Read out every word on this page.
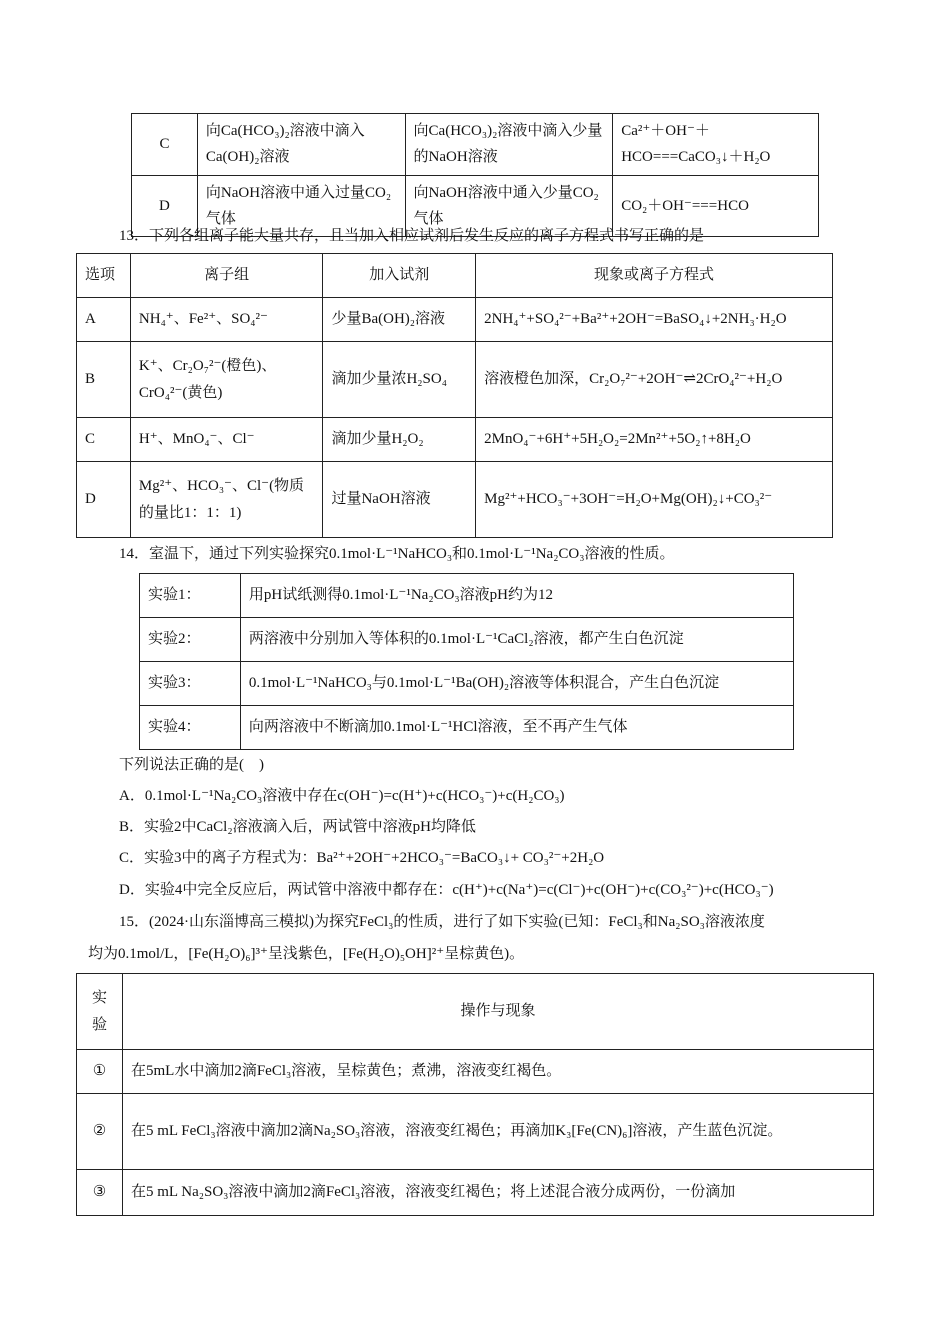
C	向Ca(HCO₃)₂溶液中滴入Ca(OH)₂溶液	向Ca(HCO₃)₂溶液中滴入少量的NaOH溶液	Ca²⁺＋OH⁻＋HCO===CaCO₃↓＋H₂O
D	向NaOH溶液中通入过量CO₂气体	向NaOH溶液中通入少量CO₂气体	CO₂＋OH⁻===HCO
13．下列各组离子能大量共存，且当加入相应试剂后发生反应的离子方程式书写正确的是
选项	离子组	加入试剂	现象或离子方程式
A	NH₄⁺、Fe²⁺、SO₄²⁻	少量Ba(OH)₂溶液	2NH₄⁺+SO₄²⁻+Ba²⁺+2OH⁻=BaSO₄↓+2NH₃·H₂O
B	K⁺、Cr₂O₇²⁻(橙色)、CrO₄²⁻(黄色)	滴加少量浓H₂SO₄	溶液橙色加深，Cr₂O₇²⁻+2OH⁻⇌2CrO₄²⁻+H₂O
C	H⁺、MnO₄⁻、Cl⁻	滴加少量H₂O₂	2MnO₄⁻+6H⁺+5H₂O₂=2Mn²⁺+5O₂↑+8H₂O
D	Mg²⁺、HCO₃⁻、Cl⁻(物质的量比1：1：1)	过量NaOH溶液	Mg²⁺+HCO₃⁻+3OH⁻=H₂O+Mg(OH)₂↓+CO₃²⁻
14．室温下，通过下列实验探究0.1mol·L⁻¹NaHCO₃和0.1mol·L⁻¹Na₂CO₃溶液的性质。
实验1：	用pH试纸测得0.1mol·L⁻¹Na₂CO₃溶液pH约为12
实验2：	两溶液中分别加入等体积的0.1mol·L⁻¹CaCl₂溶液，都产生白色沉淀
实验3：	0.1mol·L⁻¹NaHCO₃与0.1mol·L⁻¹Ba(OH)₂溶液等体积混合，产生白色沉淀
实验4：	向两溶液中不断滴加0.1mol·L⁻¹HCl溶液，至不再产生气体
下列说法正确的是(　)
A．0.1mol·L⁻¹Na₂CO₃溶液中存在c(OH⁻)=c(H⁺)+c(HCO₃⁻)+c(H₂CO₃)
B．实验2中CaCl₂溶液滴入后，两试管中溶液pH均降低
C．实验3中的离子方程式为：Ba²⁺+2OH⁻+2HCO₃⁻=BaCO₃↓+ CO₃²⁻+2H₂O
D．实验4中完全反应后，两试管中溶液中都存在：c(H⁺)+c(Na⁺)=c(Cl⁻)+c(OH⁻)+c(CO₃²⁻)+c(HCO₃⁻)
15．(2024·山东淄博高三模拟)为探究FeCl₃的性质，进行了如下实验(已知：FeCl₃和Na₂SO₃溶液浓度
均为0.1mol/L，[Fe(H₂O)₆]³⁺呈浅紫色，[Fe(H₂O)₅OH]²⁺呈棕黄色)。
实验	操作与现象
①	在5mL水中滴加2滴FeCl₃溶液，呈棕黄色；煮沸，溶液变红褐色。
②	在5 mL FeCl₃溶液中滴加2滴Na₂SO₃溶液，溶液变红褐色；再滴加K₃[Fe(CN)₆]溶液，产生蓝色沉淀。
③	在5 mL Na₂SO₃溶液中滴加2滴FeCl₃溶液，溶液变红褐色；将上述混合液分成两份，一份滴加
